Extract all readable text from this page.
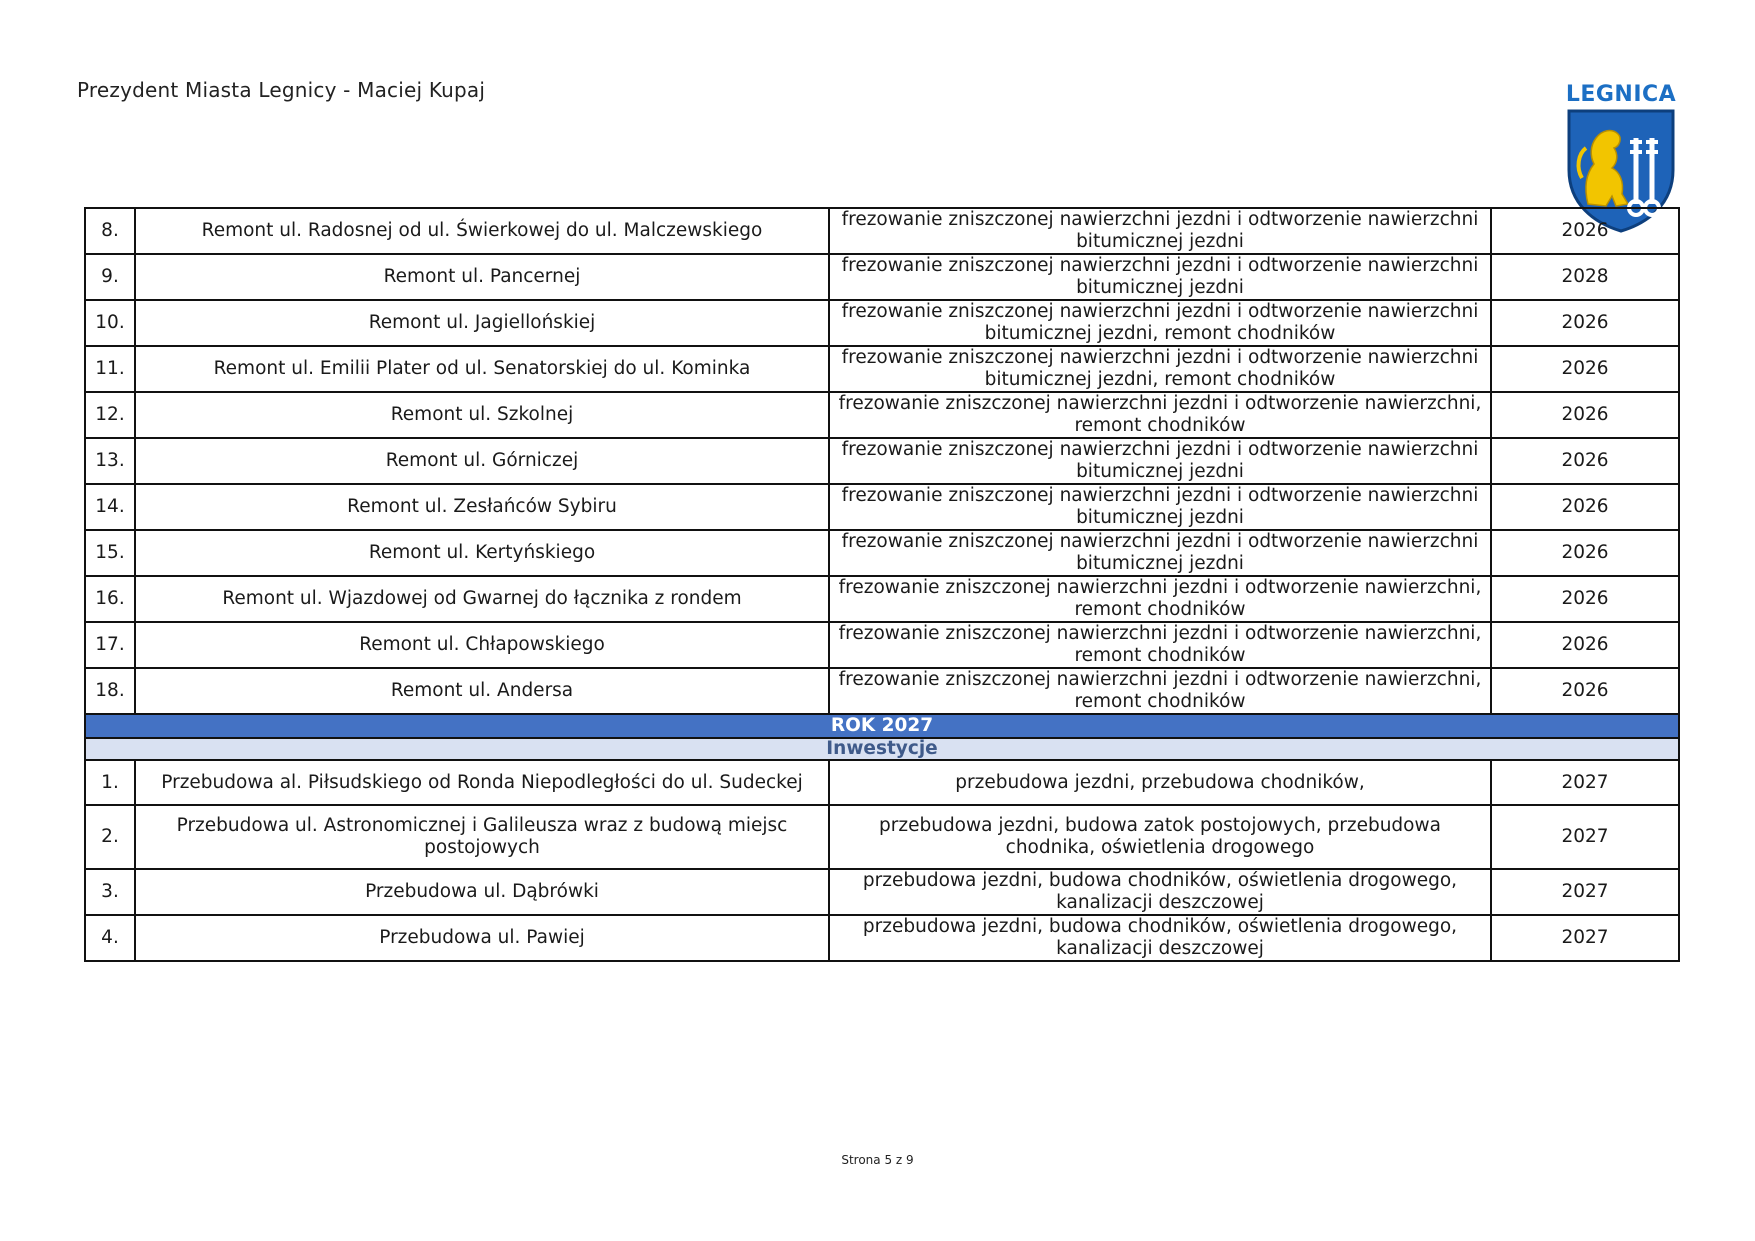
Prezydent Miasta Legnicy - Maciej Kupaj	LEGNICA
8.	Remont ul. Radosnej od ul. Świerkowej do ul. Malczewskiego	frezowanie zniszczonej nawierzchni jezdni i odtworzenie nawierzchni bitumicznej jezdni	2026
9.	Remont ul. Pancernej	frezowanie zniszczonej nawierzchni jezdni i odtworzenie nawierzchni bitumicznej jezdni	2028
10.	Remont ul. Jagiellońskiej	frezowanie zniszczonej nawierzchni jezdni i odtworzenie nawierzchni bitumicznej jezdni, remont chodników	2026
11.	Remont ul. Emilii Plater od ul. Senatorskiej do ul. Kominka	frezowanie zniszczonej nawierzchni jezdni i odtworzenie nawierzchni bitumicznej jezdni, remont chodników	2026
12.	Remont ul. Szkolnej	frezowanie zniszczonej nawierzchni jezdni i odtworzenie nawierzchni, remont chodników	2026
13.	Remont ul. Górniczej	frezowanie zniszczonej nawierzchni jezdni i odtworzenie nawierzchni bitumicznej jezdni	2026
14.	Remont ul. Zesłańców Sybiru	frezowanie zniszczonej nawierzchni jezdni i odtworzenie nawierzchni bitumicznej jezdni	2026
15.	Remont ul. Kertyńskiego	frezowanie zniszczonej nawierzchni jezdni i odtworzenie nawierzchni bitumicznej jezdni	2026
16.	Remont ul. Wjazdowej od Gwarnej do łącznika z rondem	frezowanie zniszczonej nawierzchni jezdni i odtworzenie nawierzchni, remont chodników	2026
17.	Remont ul. Chłapowskiego	frezowanie zniszczonej nawierzchni jezdni i odtworzenie nawierzchni, remont chodników	2026
18.	Remont ul. Andersa	frezowanie zniszczonej nawierzchni jezdni i odtworzenie nawierzchni, remont chodników	2026
ROK 2027			
Inwestycje			
1.	Przebudowa al. Piłsudskiego od Ronda Niepodległości do ul. Sudeckej	przebudowa jezdni, przebudowa chodników,	2027
2.	Przebudowa ul. Astronomicznej i Galileusza wraz z budową miejsc postojowych	przebudowa jezdni, budowa zatok postojowych, przebudowa chodnika, oświetlenia drogowego	2027
3.	Przebudowa ul. Dąbrówki	przebudowa jezdni, budowa chodników, oświetlenia drogowego, kanalizacji deszczowej	2027
4.	Przebudowa ul. Pawiej	przebudowa jezdni, budowa chodników, oświetlenia drogowego, kanalizacji deszczowej	2027
Strona 5 z 9
